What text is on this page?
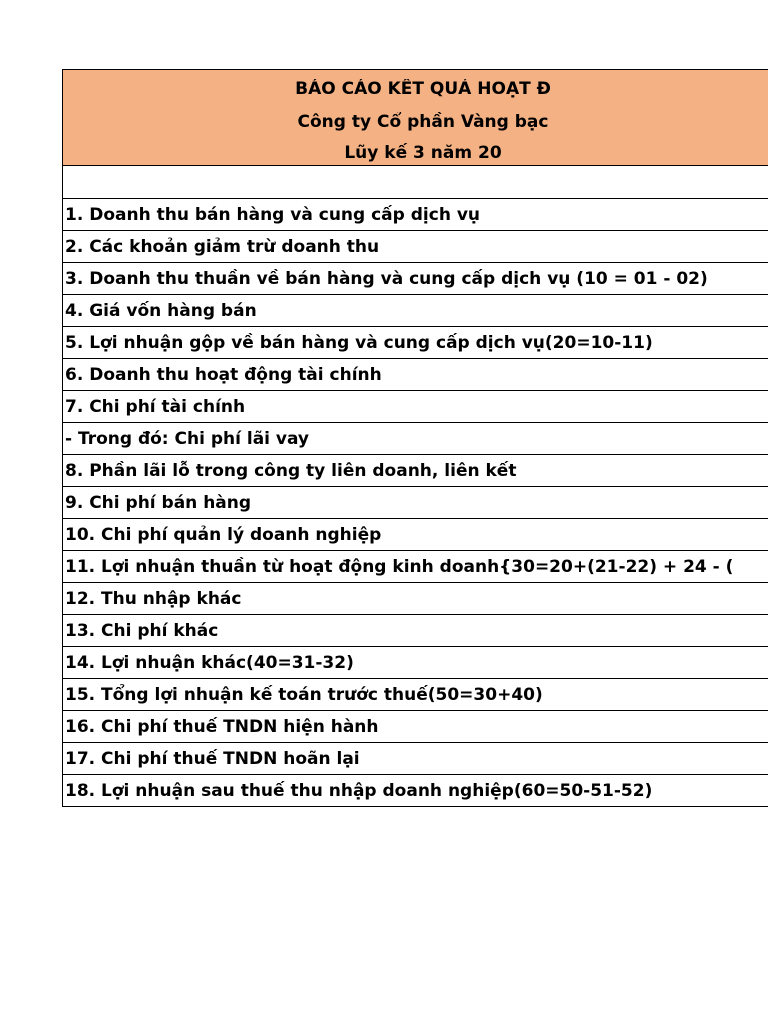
BÁO CÁO KẾT QUẢ HOẠT Đ
Công ty Cổ phần Vàng bạc
Lũy kế 3 năm 20
1. Doanh thu bán hàng và cung cấp dịch vụ
2. Các khoản giảm trừ doanh thu
3. Doanh thu thuần về bán hàng và cung cấp dịch vụ (10 = 01 - 02)
4. Giá vốn hàng bán
5. Lợi nhuận gộp về bán hàng và cung cấp dịch vụ(20=10-11)
6. Doanh thu hoạt động tài chính
7. Chi phí tài chính
- Trong đó: Chi phí lãi vay
8. Phần lãi lỗ trong công ty liên doanh, liên kết
9. Chi phí bán hàng
10. Chi phí quản lý doanh nghiệp
11. Lợi nhuận thuần từ hoạt động kinh doanh{30=20+(21-22) + 24 - (
12. Thu nhập khác
13. Chi phí khác
14. Lợi nhuận khác(40=31-32)
15. Tổng lợi nhuận kế toán trước thuế(50=30+40)
16. Chi phí thuế TNDN hiện hành
17. Chi phí thuế TNDN hoãn lại
18. Lợi nhuận sau thuế thu nhập doanh nghiệp(60=50-51-52)
